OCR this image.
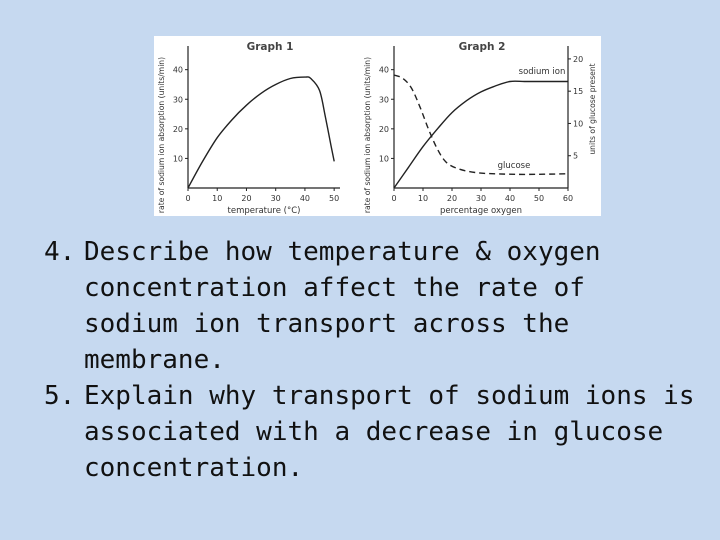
Graph 1
10
20
30
40
0	10 20 30 40 50
temperature (°C)
rate of sodium ion absorption (units/min)
Graph 2
10
20
30
40
0	10 20 30 40 50 60
percentage oxygen
rate of sodium ion absorption (units/min)	5
10
15
20
units of glucose present
sodium ion
glucose
4. Describe how temperature & oxygen
concentration affect the rate of
sodium ion transport across the
membrane.
5. Explain why transport of sodium ions is
associated with a decrease in glucose
concentration.
